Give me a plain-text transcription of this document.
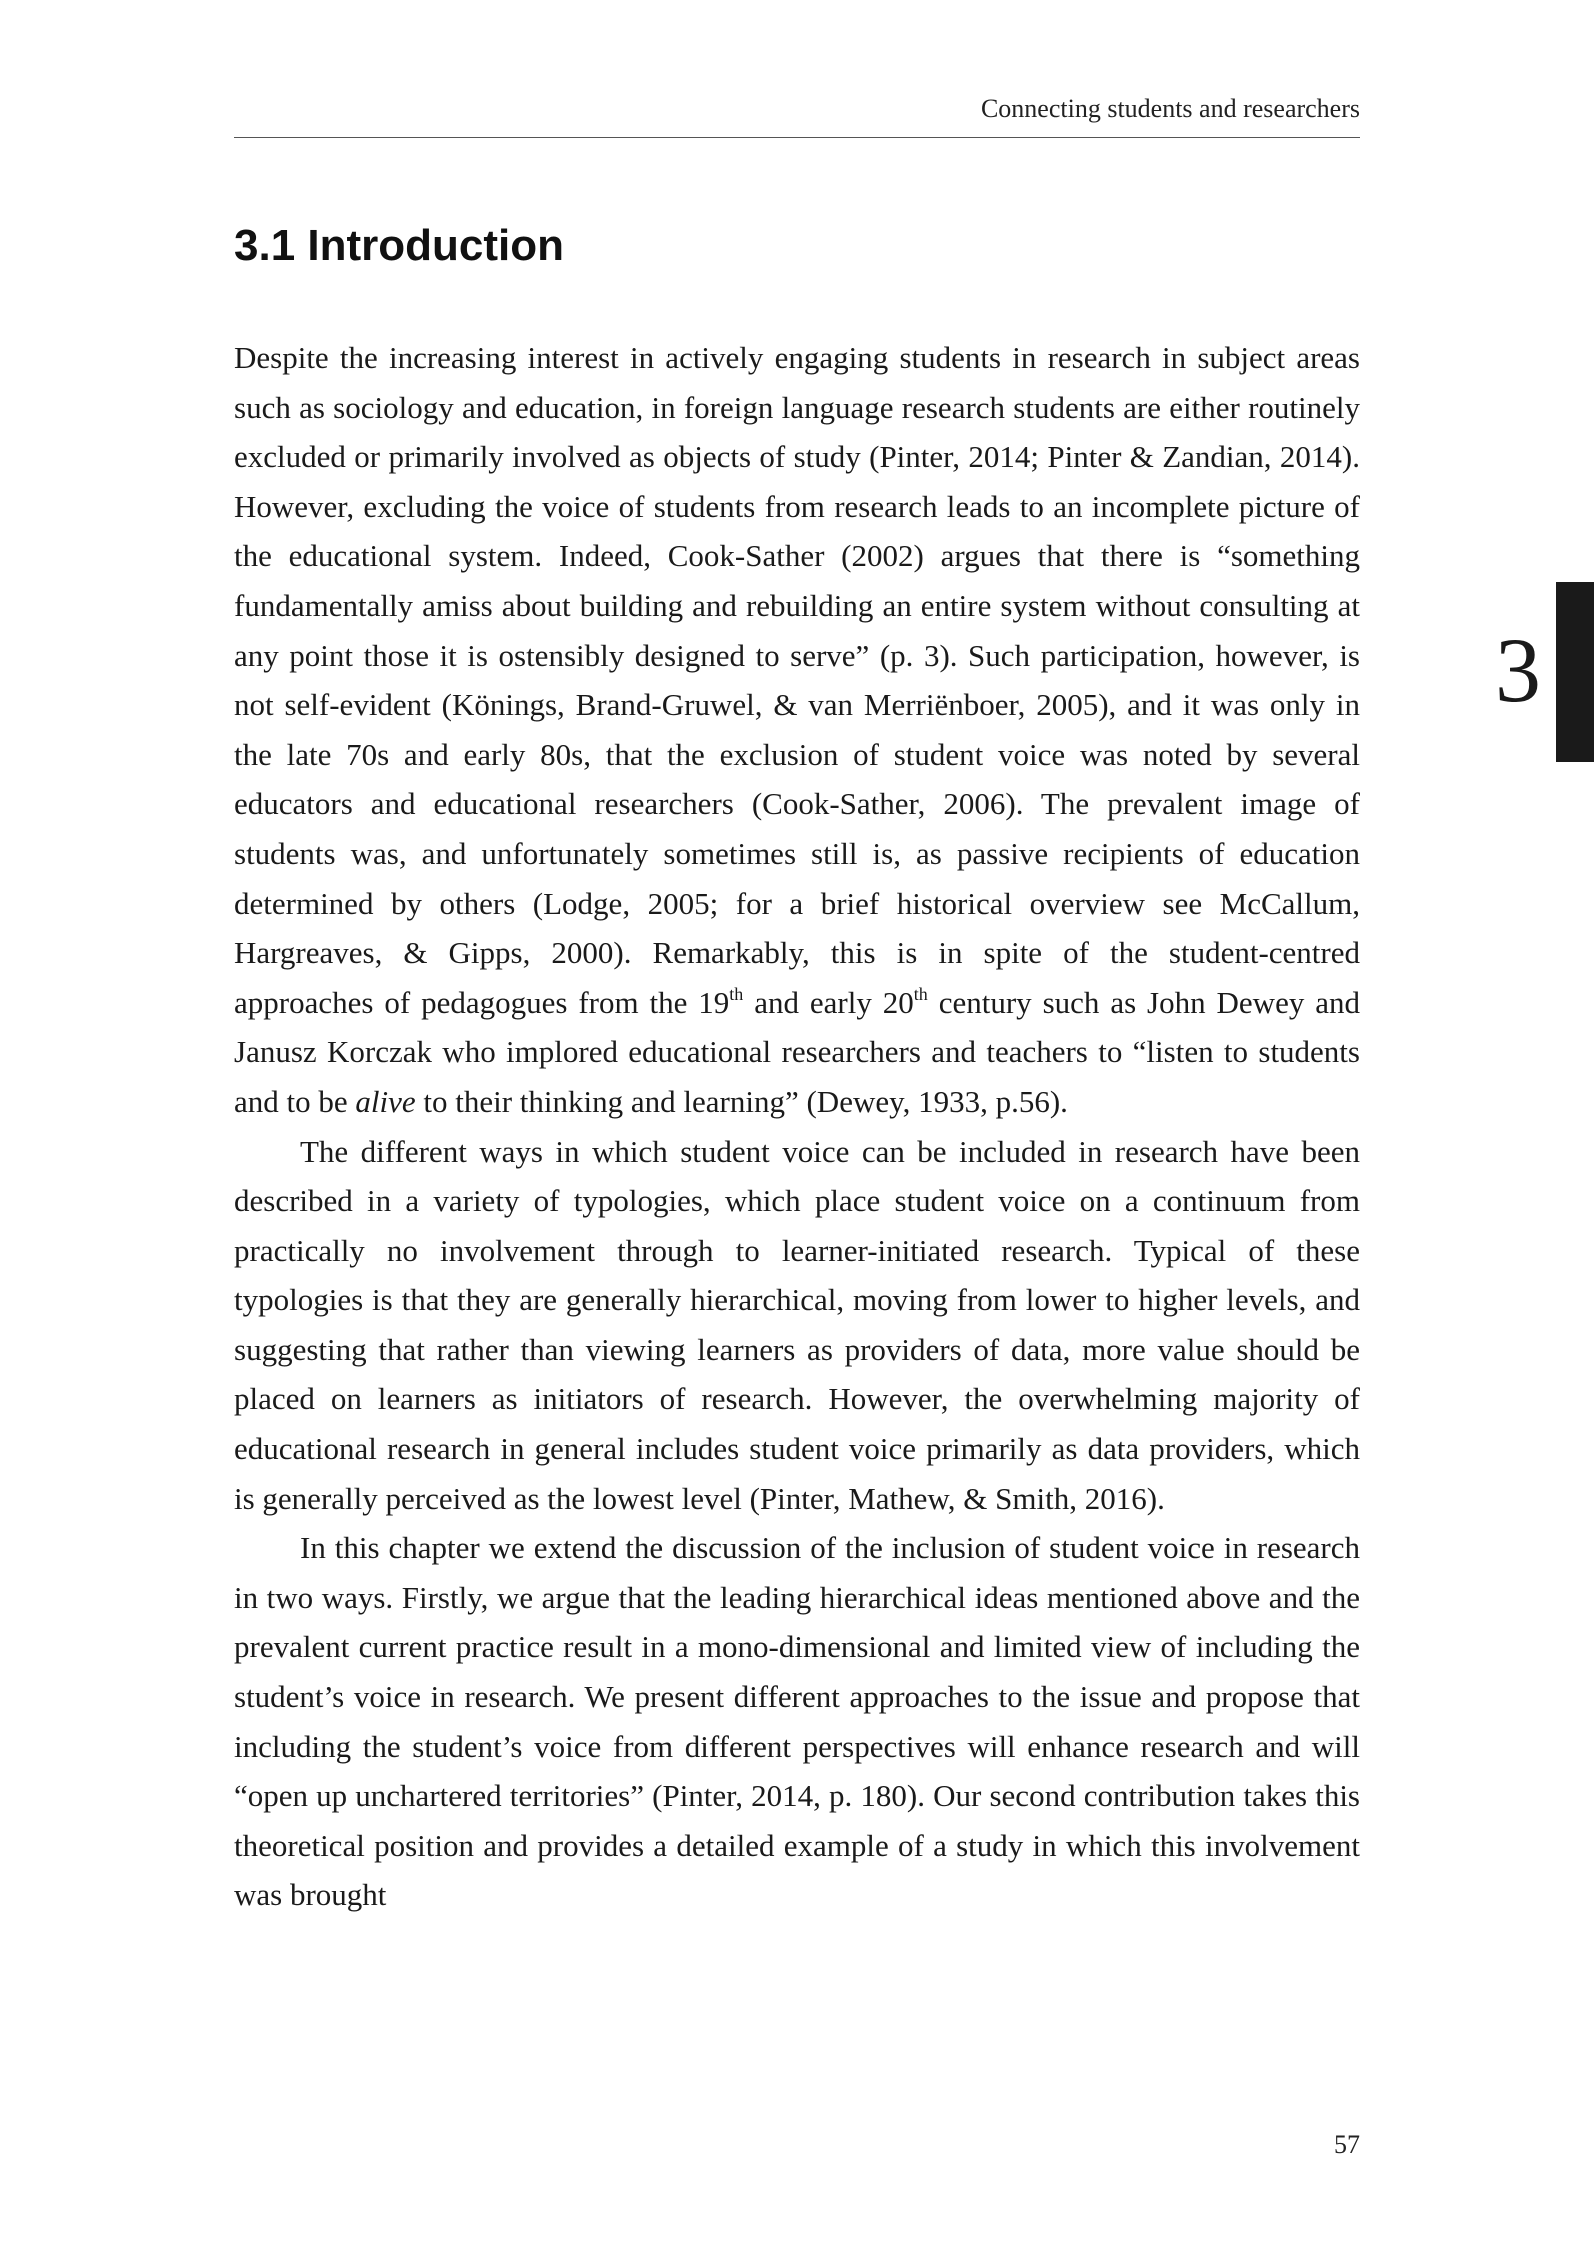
Connecting students and researchers
3.1 Introduction

Despite the increasing interest in actively engaging students in research in subject areas such as sociology and education, in foreign language research students are either routinely excluded or primarily involved as objects of study (Pinter, 2014; Pinter & Zandian, 2014). However, excluding the voice of students from research leads to an incomplete picture of the educational system. Indeed, Cook-Sather (2002) argues that there is “something fundamentally amiss about building and rebuilding an entire system without consulting at any point those it is ostensibly designed to serve” (p. 3). Such participation, however, is not self-evident (Könings, Brand-Gruwel, & van Merriënboer, 2005), and it was only in the late 70s and early 80s, that the exclusion of student voice was noted by several educators and educational researchers (Cook-Sather, 2006). The prevalent image of students was, and unfortunately sometimes still is, as passive recipients of education determined by others (Lodge, 2005; for a brief historical overview see McCallum, Hargreaves, & Gipps, 2000). Remarkably, this is in spite of the student-centred approaches of pedagogues from the 19th and early 20th century such as John Dewey and Janusz Korczak who implored educational researchers and teachers to “listen to students and to be alive to their thinking and learning” (Dewey, 1933, p.56).

The different ways in which student voice can be included in research have been described in a variety of typologies, which place student voice on a continuum from practically no involvement through to learner-initiated research. Typical of these typologies is that they are generally hierarchical, moving from lower to higher levels, and suggesting that rather than viewing learners as providers of data, more value should be placed on learners as initiators of research. However, the overwhelming majority of educational research in general includes student voice primarily as data providers, which is generally perceived as the lowest level (Pinter, Mathew, & Smith, 2016).

In this chapter we extend the discussion of the inclusion of student voice in research in two ways. Firstly, we argue that the leading hierarchical ideas mentioned above and the prevalent current practice result in a mono-dimensional and limited view of including the student’s voice in research. We present different approaches to the issue and propose that including the student’s voice from different perspectives will enhance research and will “open up unchartered territories” (Pinter, 2014, p. 180). Our second contribution takes this theoretical position and provides a detailed example of a study in which this involvement was brought

3
57
